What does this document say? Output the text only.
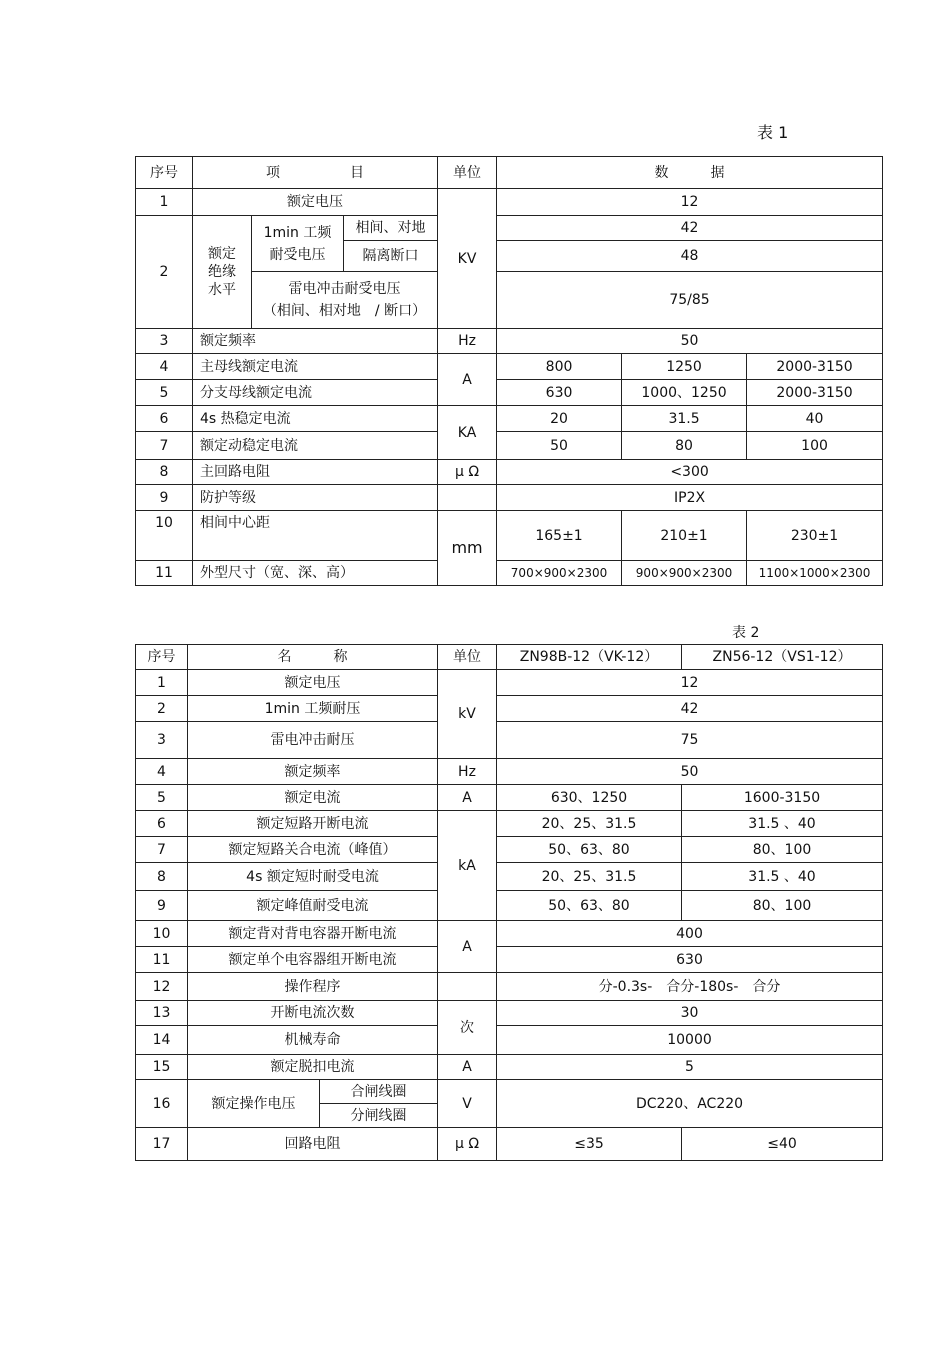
表 1
序号	项　　　　　目			单位	数　　　据		
1	额定电压			KV	12		
2	额定
绝缘
水平	1min 工频
耐受电压	相间、对地		42		
			隔离断口		48		
		雷电冲击耐受电压
（相间、相对地　/ 断口）			75/85		
3	额定频率			Hz	50		
4	主母线额定电流			A	800	1250	2000-3150
5	分支母线额定电流				630	1000、1250	2000-3150
6	4s 热稳定电流			KA	20	31.5	40
7	额定动稳定电流				50	80	100
8	主回路电阻			μ Ω	<300		
9	防护等级				IP2X		
10	相间中心距			mm	165±1	210±1	230±1
11	外型尺寸（宽、深、高）				700×900×2300	900×900×2300	1100×1000×2300
表 2
序号	名　　　称		单位	ZN98B-12（VK-12）	ZN56-12（VS1-12）
1	额定电压		kV	12	
2	1min 工频耐压			42	
3	雷电冲击耐压			75	
4	额定频率		Hz	50	
5	额定电流		A	630、1250	1600-3150
6	额定短路开断电流		kA	20、25、31.5	31.5 、40
7	额定短路关合电流（峰值）			50、63、80	80、100
8	4s 额定短时耐受电流			20、25、31.5	31.5 、40
9	额定峰值耐受电流			50、63、80	80、100
10	额定背对背电容器开断电流		A	400	
11	额定单个电容器组开断电流			630	
12	操作程序			分-0.3s-　合分-180s-　合分	
13	开断电流次数		次	30	
14	机械寿命			10000	
15	额定脱扣电流		A	5	
16	额定操作电压	合闸线圈	V	DC220、AC220	
		分闸线圈			
17	回路电阻		μ Ω	≤35	≤40
